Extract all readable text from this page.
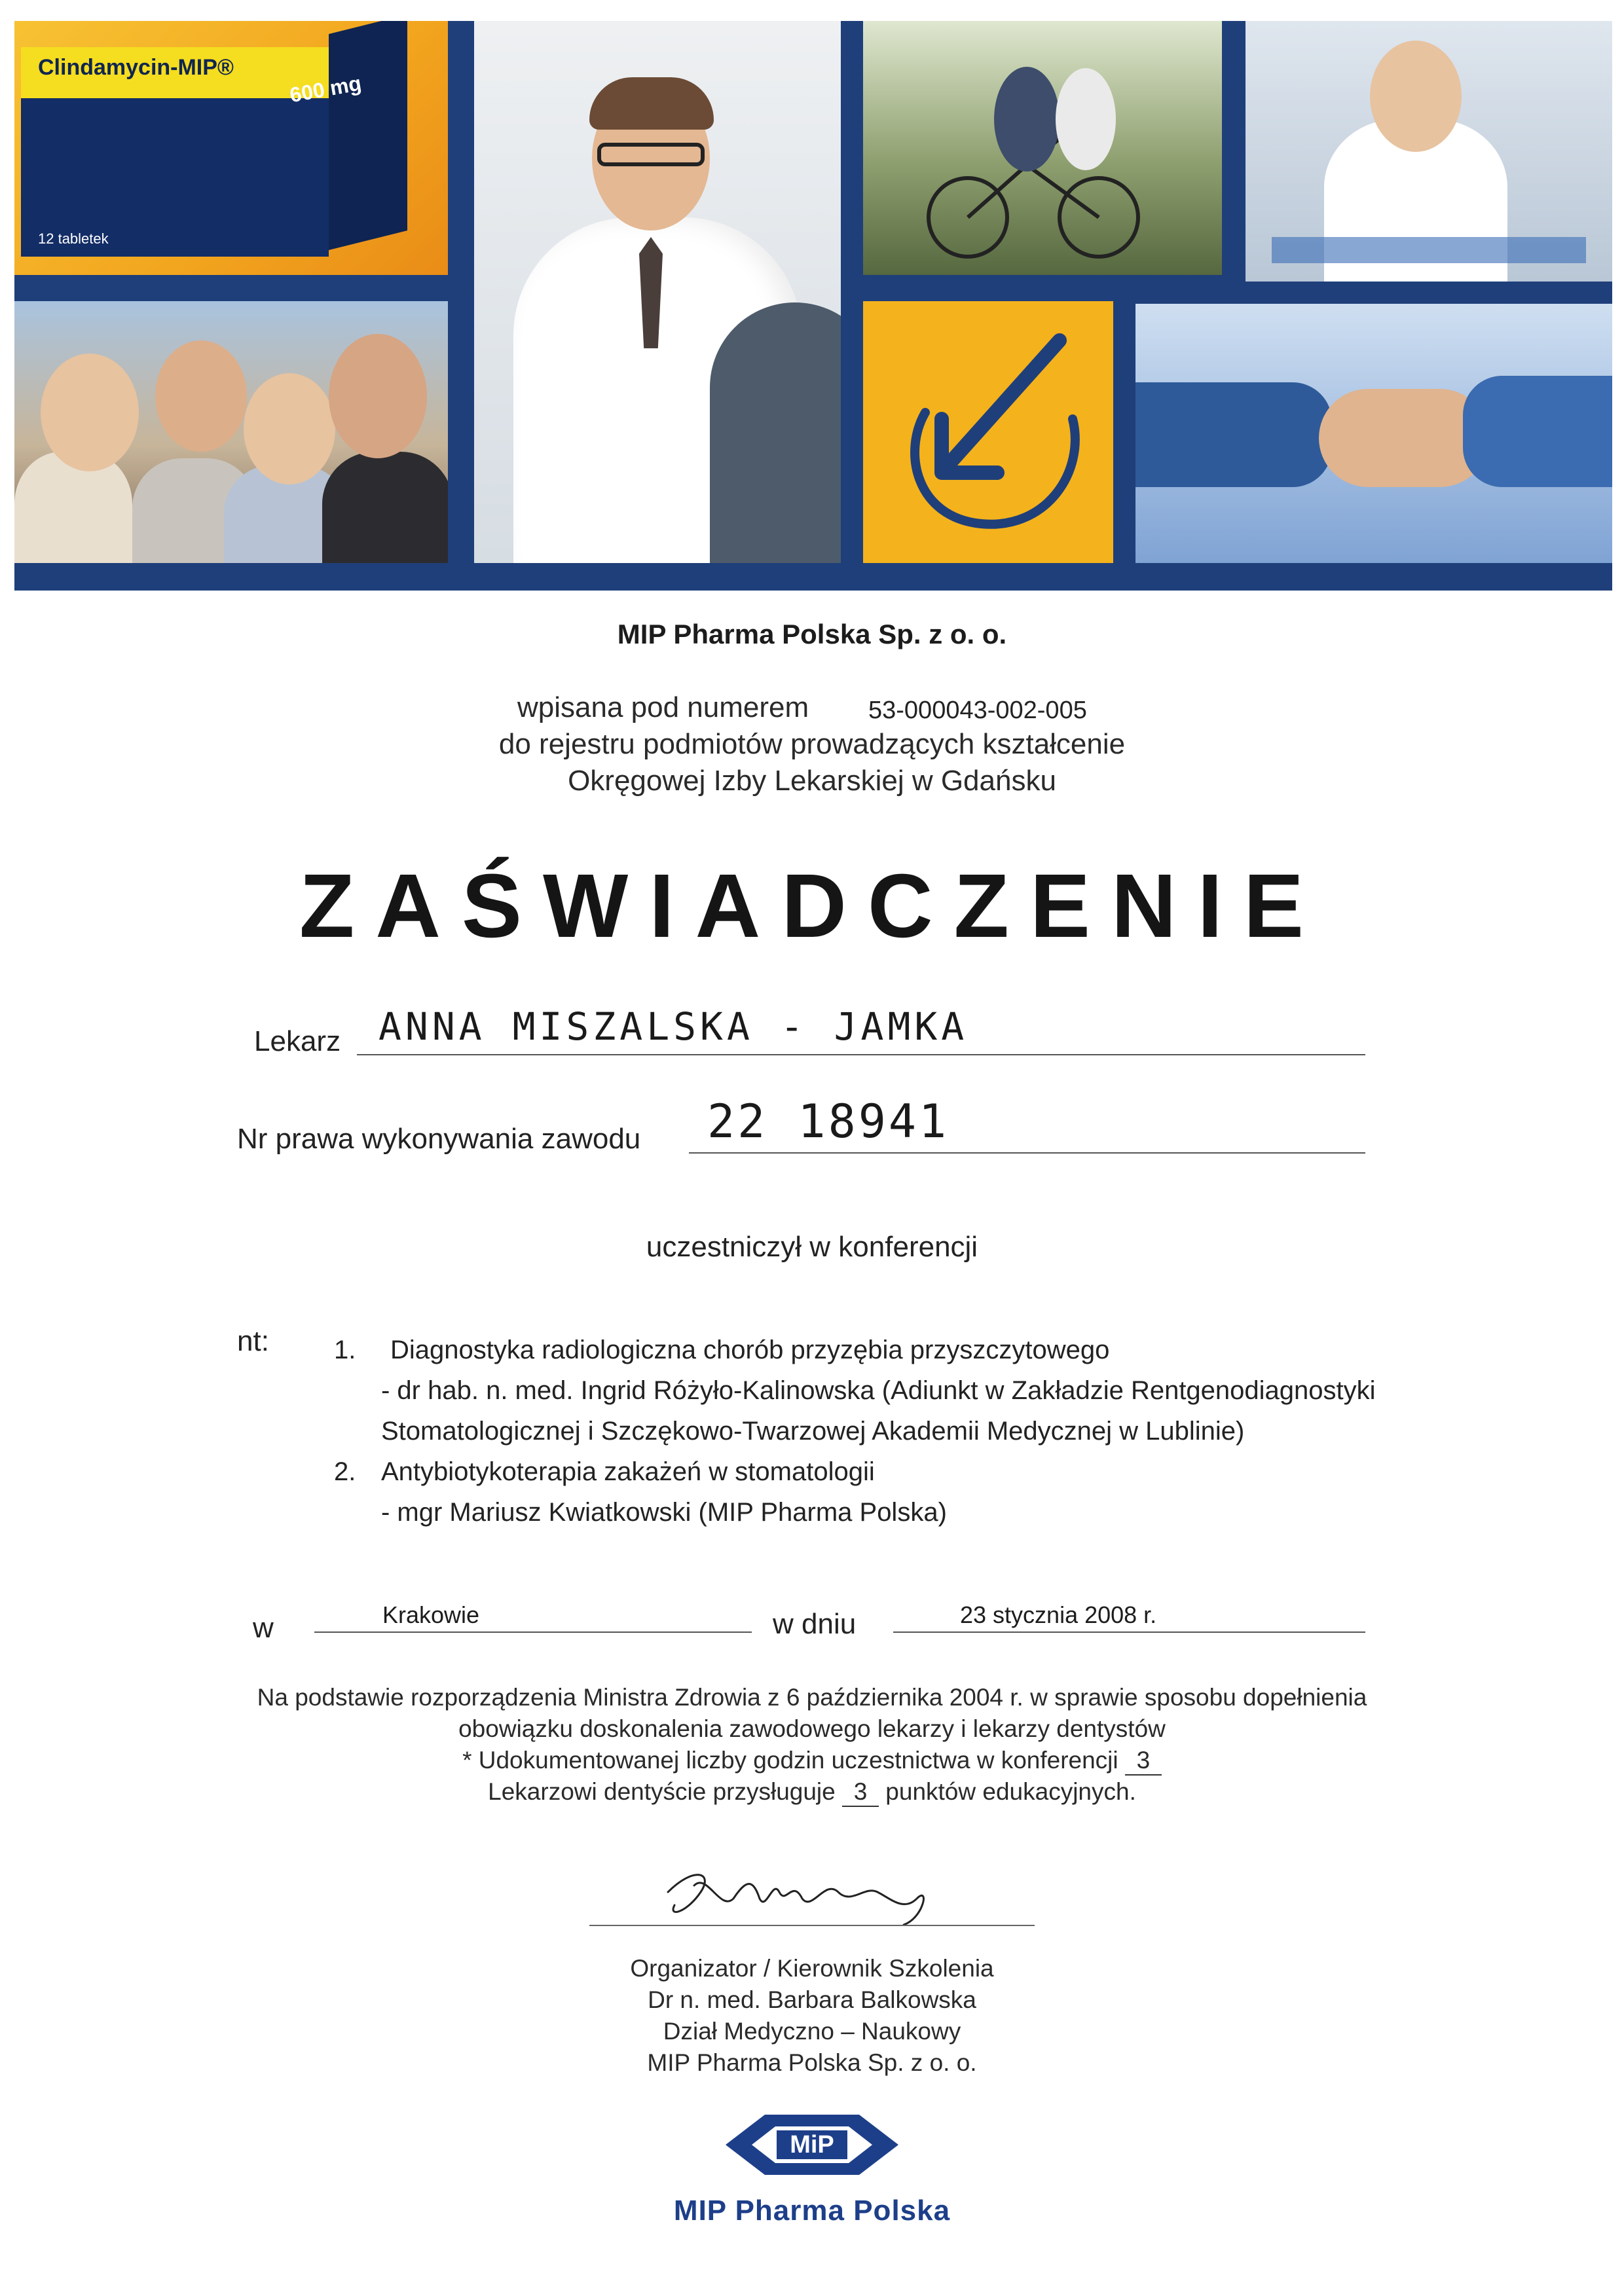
Clindamycin-MIP®
600 mg
12 tabletek
MIP Pharma Polska Sp. z o. o.
wpisana pod numerem 53-000043-002-005
do rejestru podmiotów prowadzących kształcenie
Okręgowej Izby Lekarskiej w Gdańsku
ZAŚWIADCZENIE
Lekarz ANNA MISZALSKA - JAMKA
Nr prawa wykonywania zawodu 22 18941
uczestniczył w konferencji
nt: 1. Diagnostyka radiologiczna chorób przyzębia przyszczytowego
- dr hab. n. med. Ingrid Różyło-Kalinowska (Adiunkt w Zakładzie Rentgenodiagnostyki
Stomatologicznej i Szczękowo-Twarzowej Akademii Medycznej w Lublinie)
2. Antybiotykoterapia zakażeń w stomatologii
- mgr Mariusz Kwiatkowski (MIP Pharma Polska)
w	Krakowie	w dniu	23 stycznia 2008 r.
Na podstawie rozporządzenia Ministra Zdrowia z 6 października 2004 r. w sprawie sposobu dopełnienia
obowiązku doskonalenia zawodowego lekarzy i lekarzy dentystów
* Udokumentowanej liczby godzin uczestnictwa w konferencji 3
Lekarzowi dentyście przysługuje 3 punktów edukacyjnych.
Organizator / Kierownik Szkolenia
Dr n. med. Barbara Balkowska
Dział Medyczno – Naukowy
MIP Pharma Polska Sp. z o. o.
MiP
MIP Pharma Polska
